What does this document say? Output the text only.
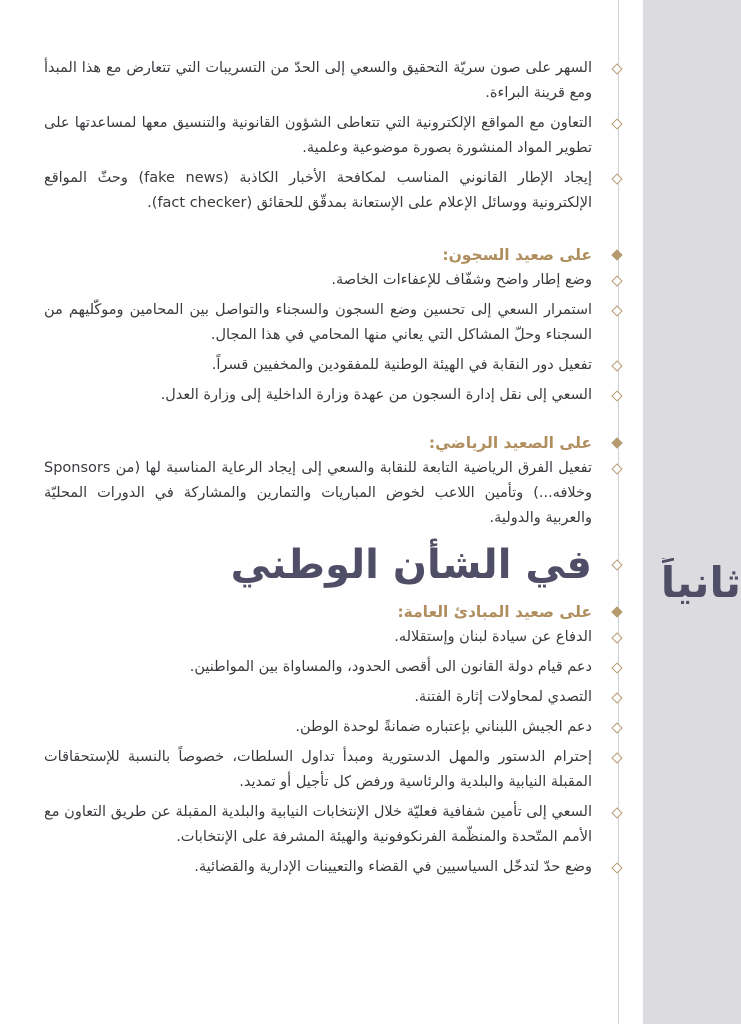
ثانياً
السهر على صون سريّة التحقيق والسعي إلى الحدّ من التسريبات التي تتعارض مع هذا المبدأ ومع قرينة البراءة.
التعاون مع المواقع الإلكترونية التي تتعاطى الشؤون القانونية والتنسيق معها لمساعدتها على تطوير المواد المنشورة بصورة موضوعية وعلمية.
إيجاد الإطار القانوني المناسب لمكافحة الأخبار الكاذبة (fake news) وحثّ المواقع الإلكترونية ووسائل الإعلام على الإستعانة بمدقّق للحقائق (fact checker).
على صعيد السجون:
وضع إطار واضح وشفّاف للإعفاءات الخاصة.
استمرار السعي إلى تحسين وضع السجون والسجناء والتواصل بين المحامين وموكّليهم من السجناء وحلّ المشاكل التي يعاني منها المحامي في هذا المجال.
تفعيل دور النقابة في الهيئة الوطنية للمفقودين والمخفيين قسراً.
السعي إلى نقل إدارة السجون من عهدة وزارة الداخلية إلى وزارة العدل.
على الصعيد الرياضي:
تفعيل الفرق الرياضية التابعة للنقابة والسعي إلى إيجاد الرعاية المناسبة لها (من Sponsors وخلافه...) وتأمين اللاعب لخوض المباريات والتمارين والمشاركة في الدورات المحليّة والعربية والدولية.
في الشأن الوطني
على صعيد المبادئ العامة:
الدفاع عن سيادة لبنان وإستقلاله.
دعم قيام دولة القانون الى أقصى الحدود، والمساواة بين المواطنين.
التصدي لمحاولات إثارة الفتنة.
دعم الجيش اللبناني بإعتباره ضمانةً لوحدة الوطن.
إحترام الدستور والمهل الدستورية ومبدأ تداول السلطات، خصوصاً بالنسبة للإستحقاقات المقبلة النيابية والبلدية والرئاسية ورفض كل تأجيل أو تمديد.
السعي إلى تأمين شفافية فعليّة خلال الإنتخابات النيابية والبلدية المقبلة عن طريق التعاون مع الأمم المتّحدة والمنظّمة الفرنكوفونية والهيئة المشرفة على الإنتخابات.
وضع حدّ لتدخّل السياسيين في القضاء والتعيينات الإدارية والقضائية.
